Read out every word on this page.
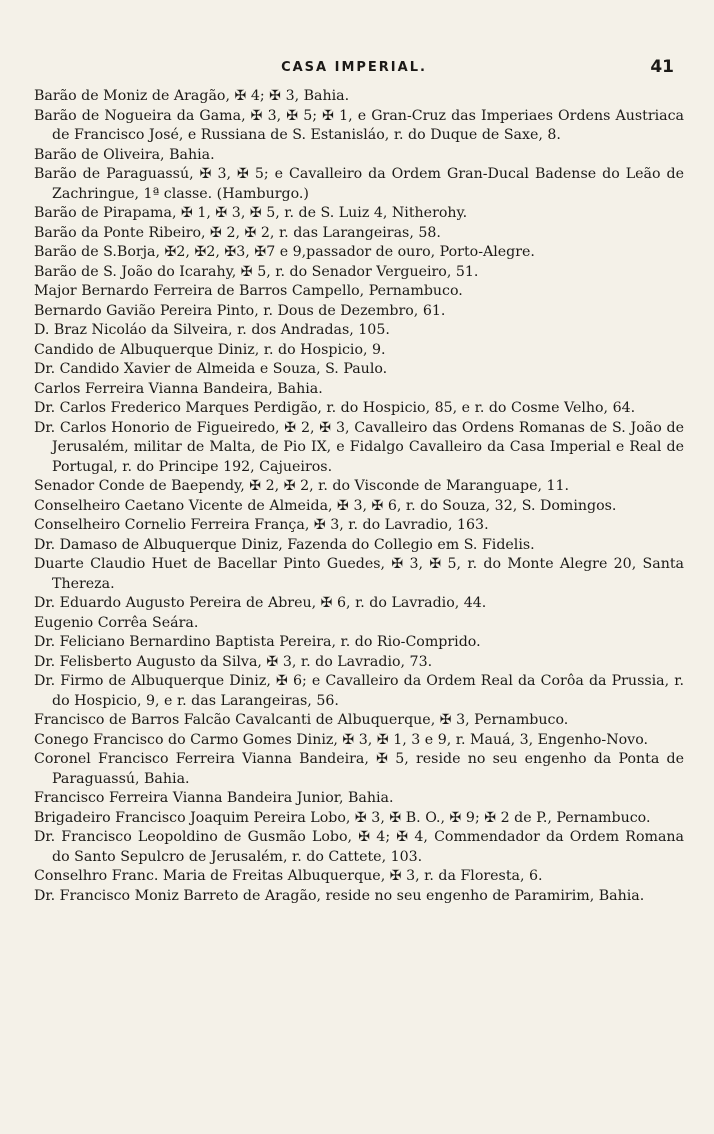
CASA IMPERIAL.	41

Barão de Moniz de Aragão, ✠ 4; ✠ 3, Bahia.

Barão de Nogueira da Gama, ✠ 3, ✠ 5; ✠ 1, e Gran-Cruz das Imperiaes Ordens Austriaca de Francisco José, e Russiana de S. Estanisláo, r. do Duque de Saxe, 8.

Barão de Oliveira, Bahia.

Barão de Paraguassú, ✠ 3, ✠ 5; e Cavalleiro da Ordem Gran-Ducal Badense do Leão de Zachringue, 1ª classe. (Hamburgo.)

Barão de Pirapama, ✠ 1, ✠ 3, ✠ 5, r. de S. Luiz 4, Nitherohy.

Barão da Ponte Ribeiro, ✠ 2, ✠ 2, r. das Larangeiras, 58.

Barão de S.Borja, ✠2, ✠2, ✠3, ✠7 e 9,passador de ouro, Porto-Alegre.

Barão de S. João do Icarahy, ✠ 5, r. do Senador Vergueiro, 51.

Major Bernardo Ferreira de Barros Campello, Pernambuco.

Bernardo Gavião Pereira Pinto, r. Dous de Dezembro, 61.

D. Braz Nicoláo da Silveira, r. dos Andradas, 105.

Candido de Albuquerque Diniz, r. do Hospicio, 9.

Dr. Candido Xavier de Almeida e Souza, S. Paulo.

Carlos Ferreira Vianna Bandeira, Bahia.

Dr. Carlos Frederico Marques Perdigão, r. do Hospicio, 85, e r. do Cosme Velho, 64.

Dr. Carlos Honorio de Figueiredo, ✠ 2, ✠ 3, Cavalleiro das Ordens Romanas de S. João de Jerusalém, militar de Malta, de Pio IX, e Fidalgo Cavalleiro da Casa Imperial e Real de Portugal, r. do Principe 192, Cajueiros.

Senador Conde de Baependy, ✠ 2, ✠ 2, r. do Visconde de Maranguape, 11.

Conselheiro Caetano Vicente de Almeida, ✠ 3, ✠ 6, r. do Souza, 32, S. Domingos.

Conselheiro Cornelio Ferreira França, ✠ 3, r. do Lavradio, 163.

Dr. Damaso de Albuquerque Diniz, Fazenda do Collegio em S. Fidelis.

Duarte Claudio Huet de Bacellar Pinto Guedes, ✠ 3, ✠ 5, r. do Monte Alegre 20, Santa Thereza.

Dr. Eduardo Augusto Pereira de Abreu, ✠ 6, r. do Lavradio, 44.

Eugenio Corrêa Seára.

Dr. Feliciano Bernardino Baptista Pereira, r. do Rio-Comprido.

Dr. Felisberto Augusto da Silva, ✠ 3, r. do Lavradio, 73.

Dr. Firmo de Albuquerque Diniz, ✠ 6; e Cavalleiro da Ordem Real da Corôa da Prussia, r. do Hospicio, 9, e r. das Larangeiras, 56.

Francisco de Barros Falcão Cavalcanti de Albuquerque, ✠ 3, Pernambuco.

Conego Francisco do Carmo Gomes Diniz, ✠ 3, ✠ 1, 3 e 9, r. Mauá, 3, Engenho-Novo.

Coronel Francisco Ferreira Vianna Bandeira, ✠ 5, reside no seu engenho da Ponta de Paraguassú, Bahia.

Francisco Ferreira Vianna Bandeira Junior, Bahia.

Brigadeiro Francisco Joaquim Pereira Lobo, ✠ 3, ✠ B. O., ✠ 9; ✠ 2 de P., Pernambuco.

Dr. Francisco Leopoldino de Gusmão Lobo, ✠ 4; ✠ 4, Commendador da Ordem Romana do Santo Sepulcro de Jerusalém, r. do Cattete, 103.

Conselhro Franc. Maria de Freitas Albuquerque, ✠ 3, r. da Floresta, 6.

Dr. Francisco Moniz Barreto de Aragão, reside no seu engenho de Paramirim, Bahia.
